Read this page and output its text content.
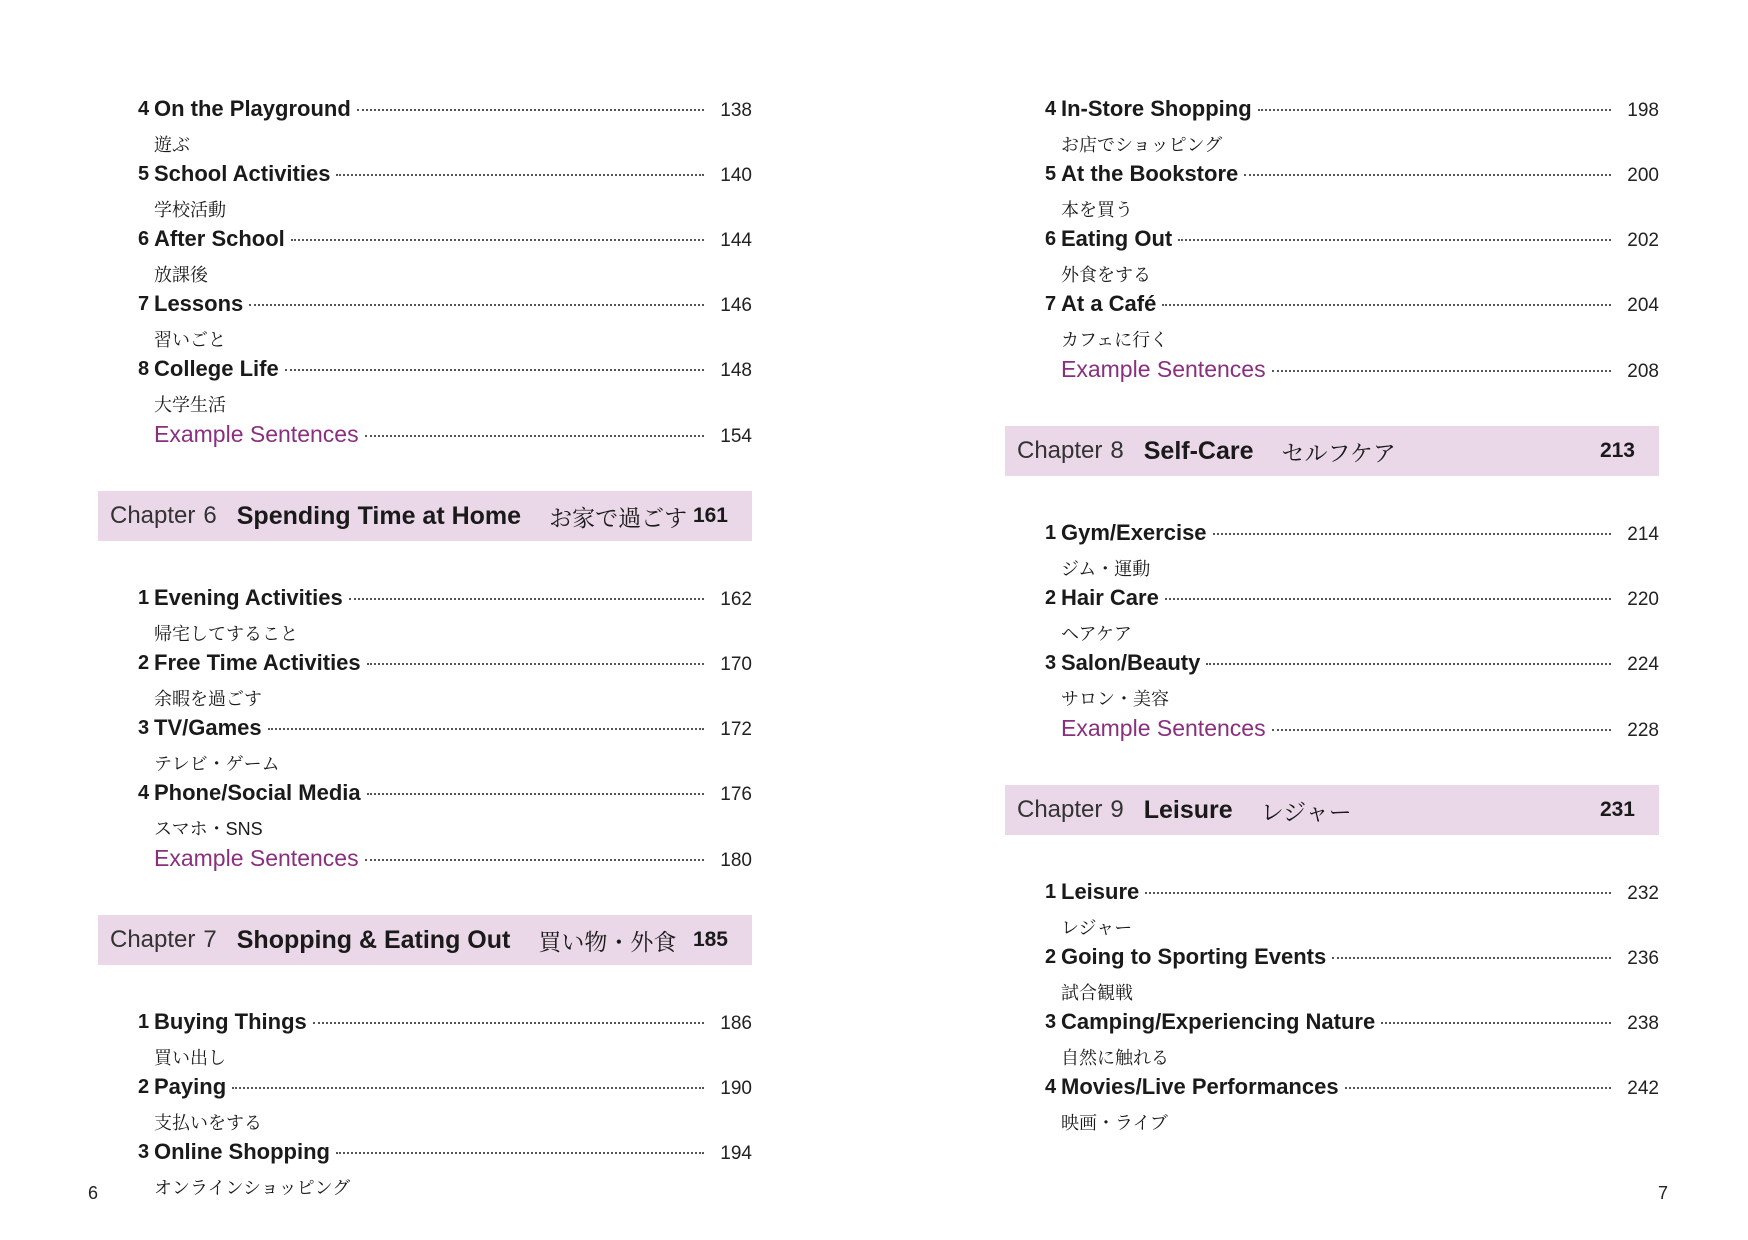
4 On the Playground	138
遊ぶ
5 School Activities	140
学校活動
6 After School	144
放課後
7 Lessons	146
習いごと
8 College Life	148
大学生活
Example Sentences	154
Chapter 6 Spending Time at Home お家で過ごす 161
1 Evening Activities	162
帰宅してすること
2 Free Time Activities	170
余暇を過ごす
3 TV/Games	172
テレビ・ゲーム
4 Phone/Social Media	176
スマホ・SNS
Example Sentences	180
Chapter 7 Shopping & Eating Out 買い物・外食 185
1 Buying Things	186
買い出し
2 Paying	190
支払いをする
3 Online Shopping	194
オンラインショッピング
6
4 In-Store Shopping	198
お店でショッピング
5 At the Bookstore	200
本を買う
6 Eating Out	202
外食をする
7 At a Café	204
カフェに行く
Example Sentences	208
Chapter 8 Self-Care セルフケア	213
1 Gym/Exercise	214
ジム・運動
2 Hair Care	220
ヘアケア
3 Salon/Beauty	224
サロン・美容
Example Sentences	228
Chapter 9 Leisure レジャー	231
1 Leisure	232
レジャー
2 Going to Sporting Events	236
試合観戦
3 Camping/Experiencing Nature	238
自然に触れる
4 Movies/Live Performances	242
映画・ライブ
7
